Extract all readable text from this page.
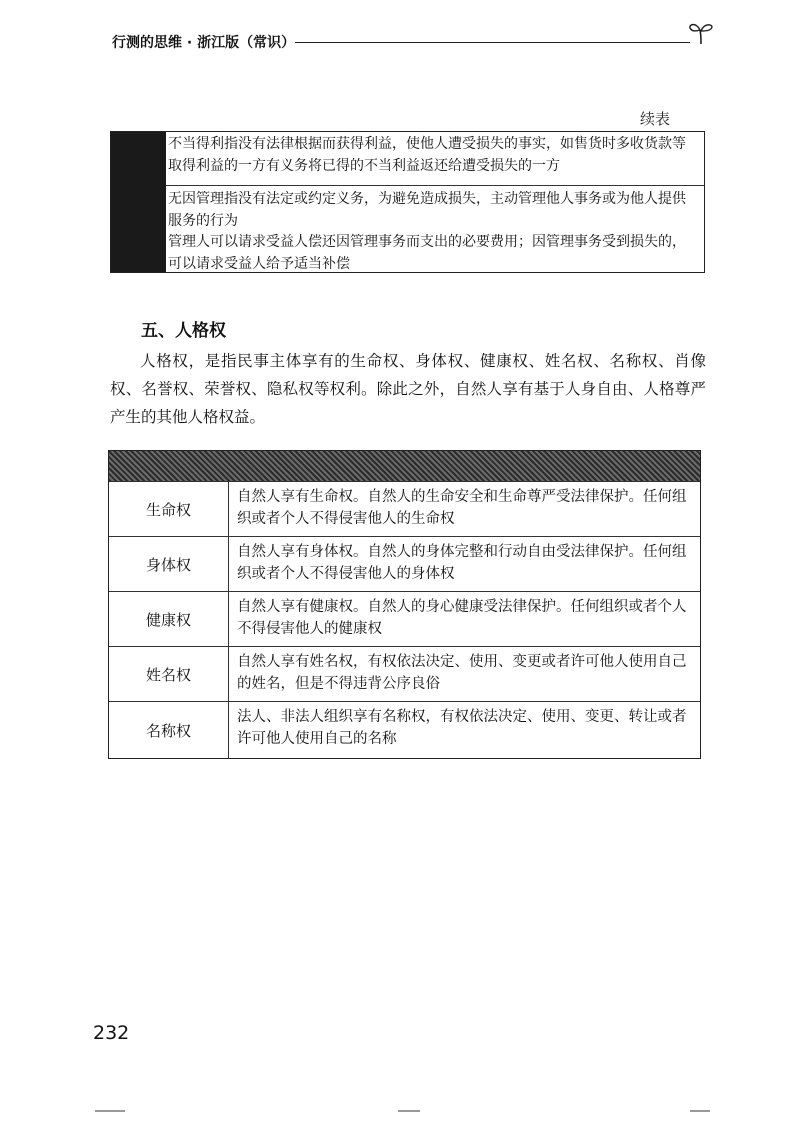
行测的思维 · 浙江版（常识）
续表

不当得利指没有法律根据而获得利益，使他人遭受损失的事实，如售货时多收货款等取得利益的一方有义务将已得的不当利益返还给遭受损失的一方

无因管理指没有法定或约定义务，为避免造成损失，主动管理他人事务或为他人提供服务的行为

管理人可以请求受益人偿还因管理事务而支出的必要费用；因管理事务受到损失的，可以请求受益人给予适当补偿

五、人格权
人格权，是指民事主体享有的生命权、身体权、健康权、姓名权、名称权、肖像权、名誉权、荣誉权、隐私权等权利。除此之外，自然人享有基于人身自由、人格尊严产生的其他人格权益。
生命权
自然人享有生命权。自然人的生命安全和生命尊严受法律保护。任何组织或者个人不得侵害他人的生命权
身体权
自然人享有身体权。自然人的身体完整和行动自由受法律保护。任何组织或者个人不得侵害他人的身体权
健康权
自然人享有健康权。自然人的身心健康受法律保护。任何组织或者个人不得侵害他人的健康权
姓名权
自然人享有姓名权，有权依法决定、使用、变更或者许可他人使用自己的姓名，但是不得违背公序良俗
名称权
法人、非法人组织享有名称权，有权依法决定、使用、变更、转让或者许可他人使用自己的名称
232
